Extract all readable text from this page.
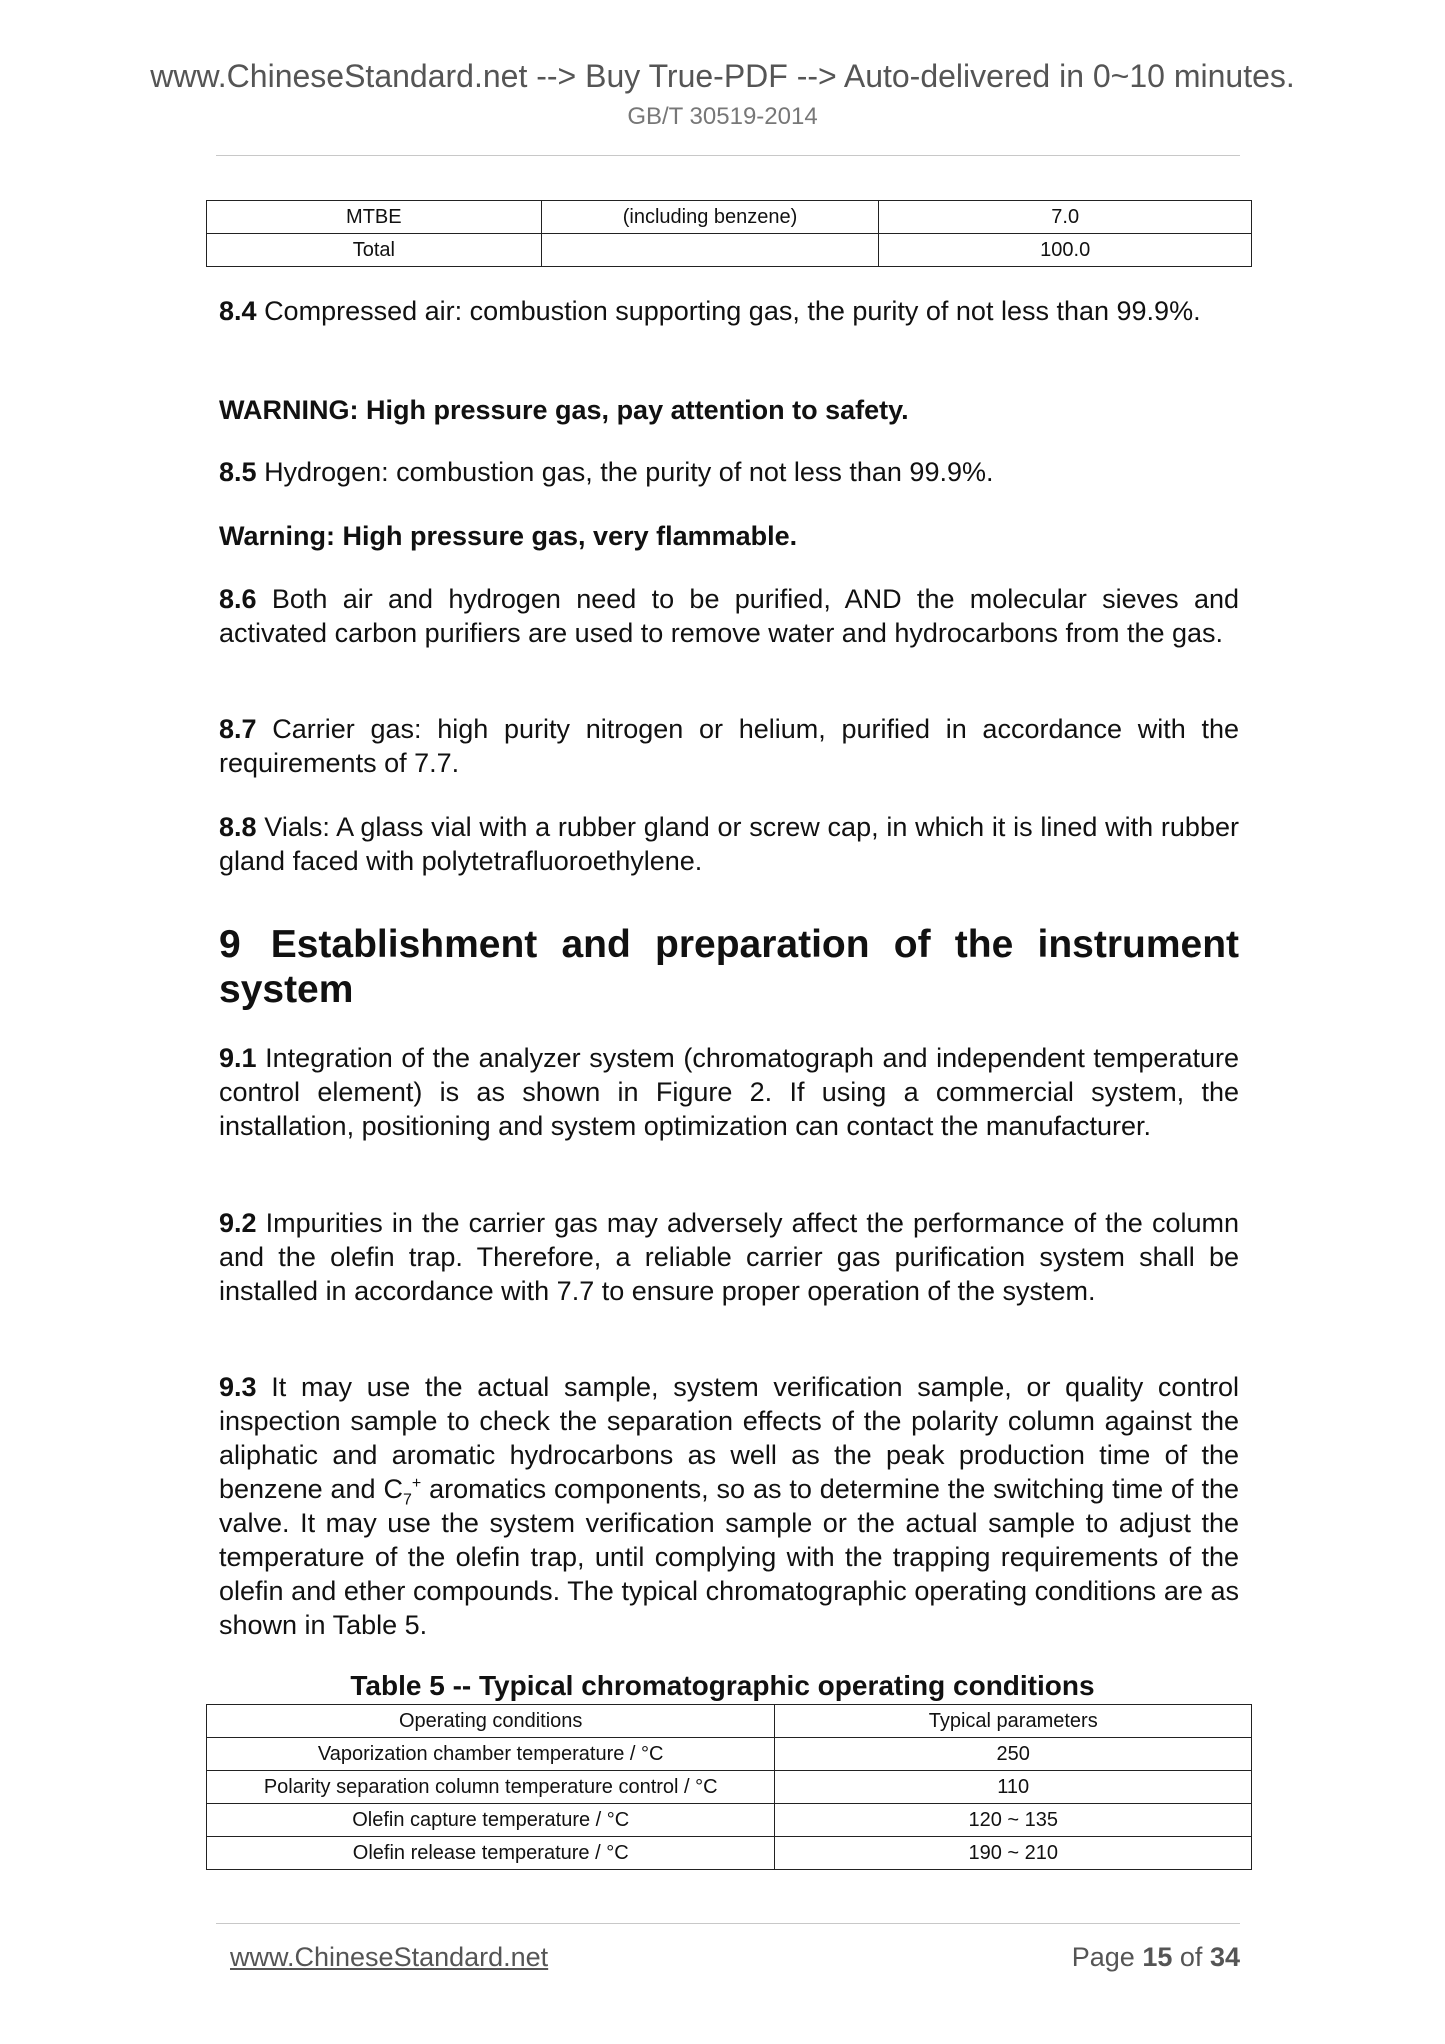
www.ChineseStandard.net --> Buy True-PDF --> Auto-delivered in 0~10 minutes.
GB/T 30519-2014
MTBE	(including benzene)	7.0
Total		100.0

8.4 Compressed air: combustion supporting gas, the purity of not less than 99.9%.

WARNING: High pressure gas, pay attention to safety.

8.5 Hydrogen: combustion gas, the purity of not less than 99.9%.

Warning: High pressure gas, very flammable.

8.6 Both air and hydrogen need to be purified, AND the molecular sieves and activated carbon purifiers are used to remove water and hydrocarbons from the gas.

8.7 Carrier gas: high purity nitrogen or helium, purified in accordance with the requirements of 7.7.

8.8 Vials: A glass vial with a rubber gland or screw cap, in which it is lined with rubber gland faced with polytetrafluoroethylene.

9 Establishment and preparation of the instrument system

9.1 Integration of the analyzer system (chromatograph and independent temperature control element) is as shown in Figure 2. If using a commercial system, the installation, positioning and system optimization can contact the manufacturer.

9.2 Impurities in the carrier gas may adversely affect the performance of the column and the olefin trap. Therefore, a reliable carrier gas purification system shall be installed in accordance with 7.7 to ensure proper operation of the system.

9.3 It may use the actual sample, system verification sample, or quality control inspection sample to check the separation effects of the polarity column against the aliphatic and aromatic hydrocarbons as well as the peak production time of the benzene and $C_7^+$ aromatics components, so as to determine the switching time of the valve. It may use the system verification sample or the actual sample to adjust the temperature of the olefin trap, until complying with the trapping requirements of the olefin and ether compounds. The typical chromatographic operating conditions are as shown in Table 5.

Table 5 -- Typical chromatographic operating conditions

Operating conditions	Typical parameters
Vaporization chamber temperature / °C	250
Polarity separation column temperature control / °C	110
Olefin capture temperature / °C	120 ~ 135
Olefin release temperature / °C	190 ~ 210
www.ChineseStandard.net	Page 15 of 34
